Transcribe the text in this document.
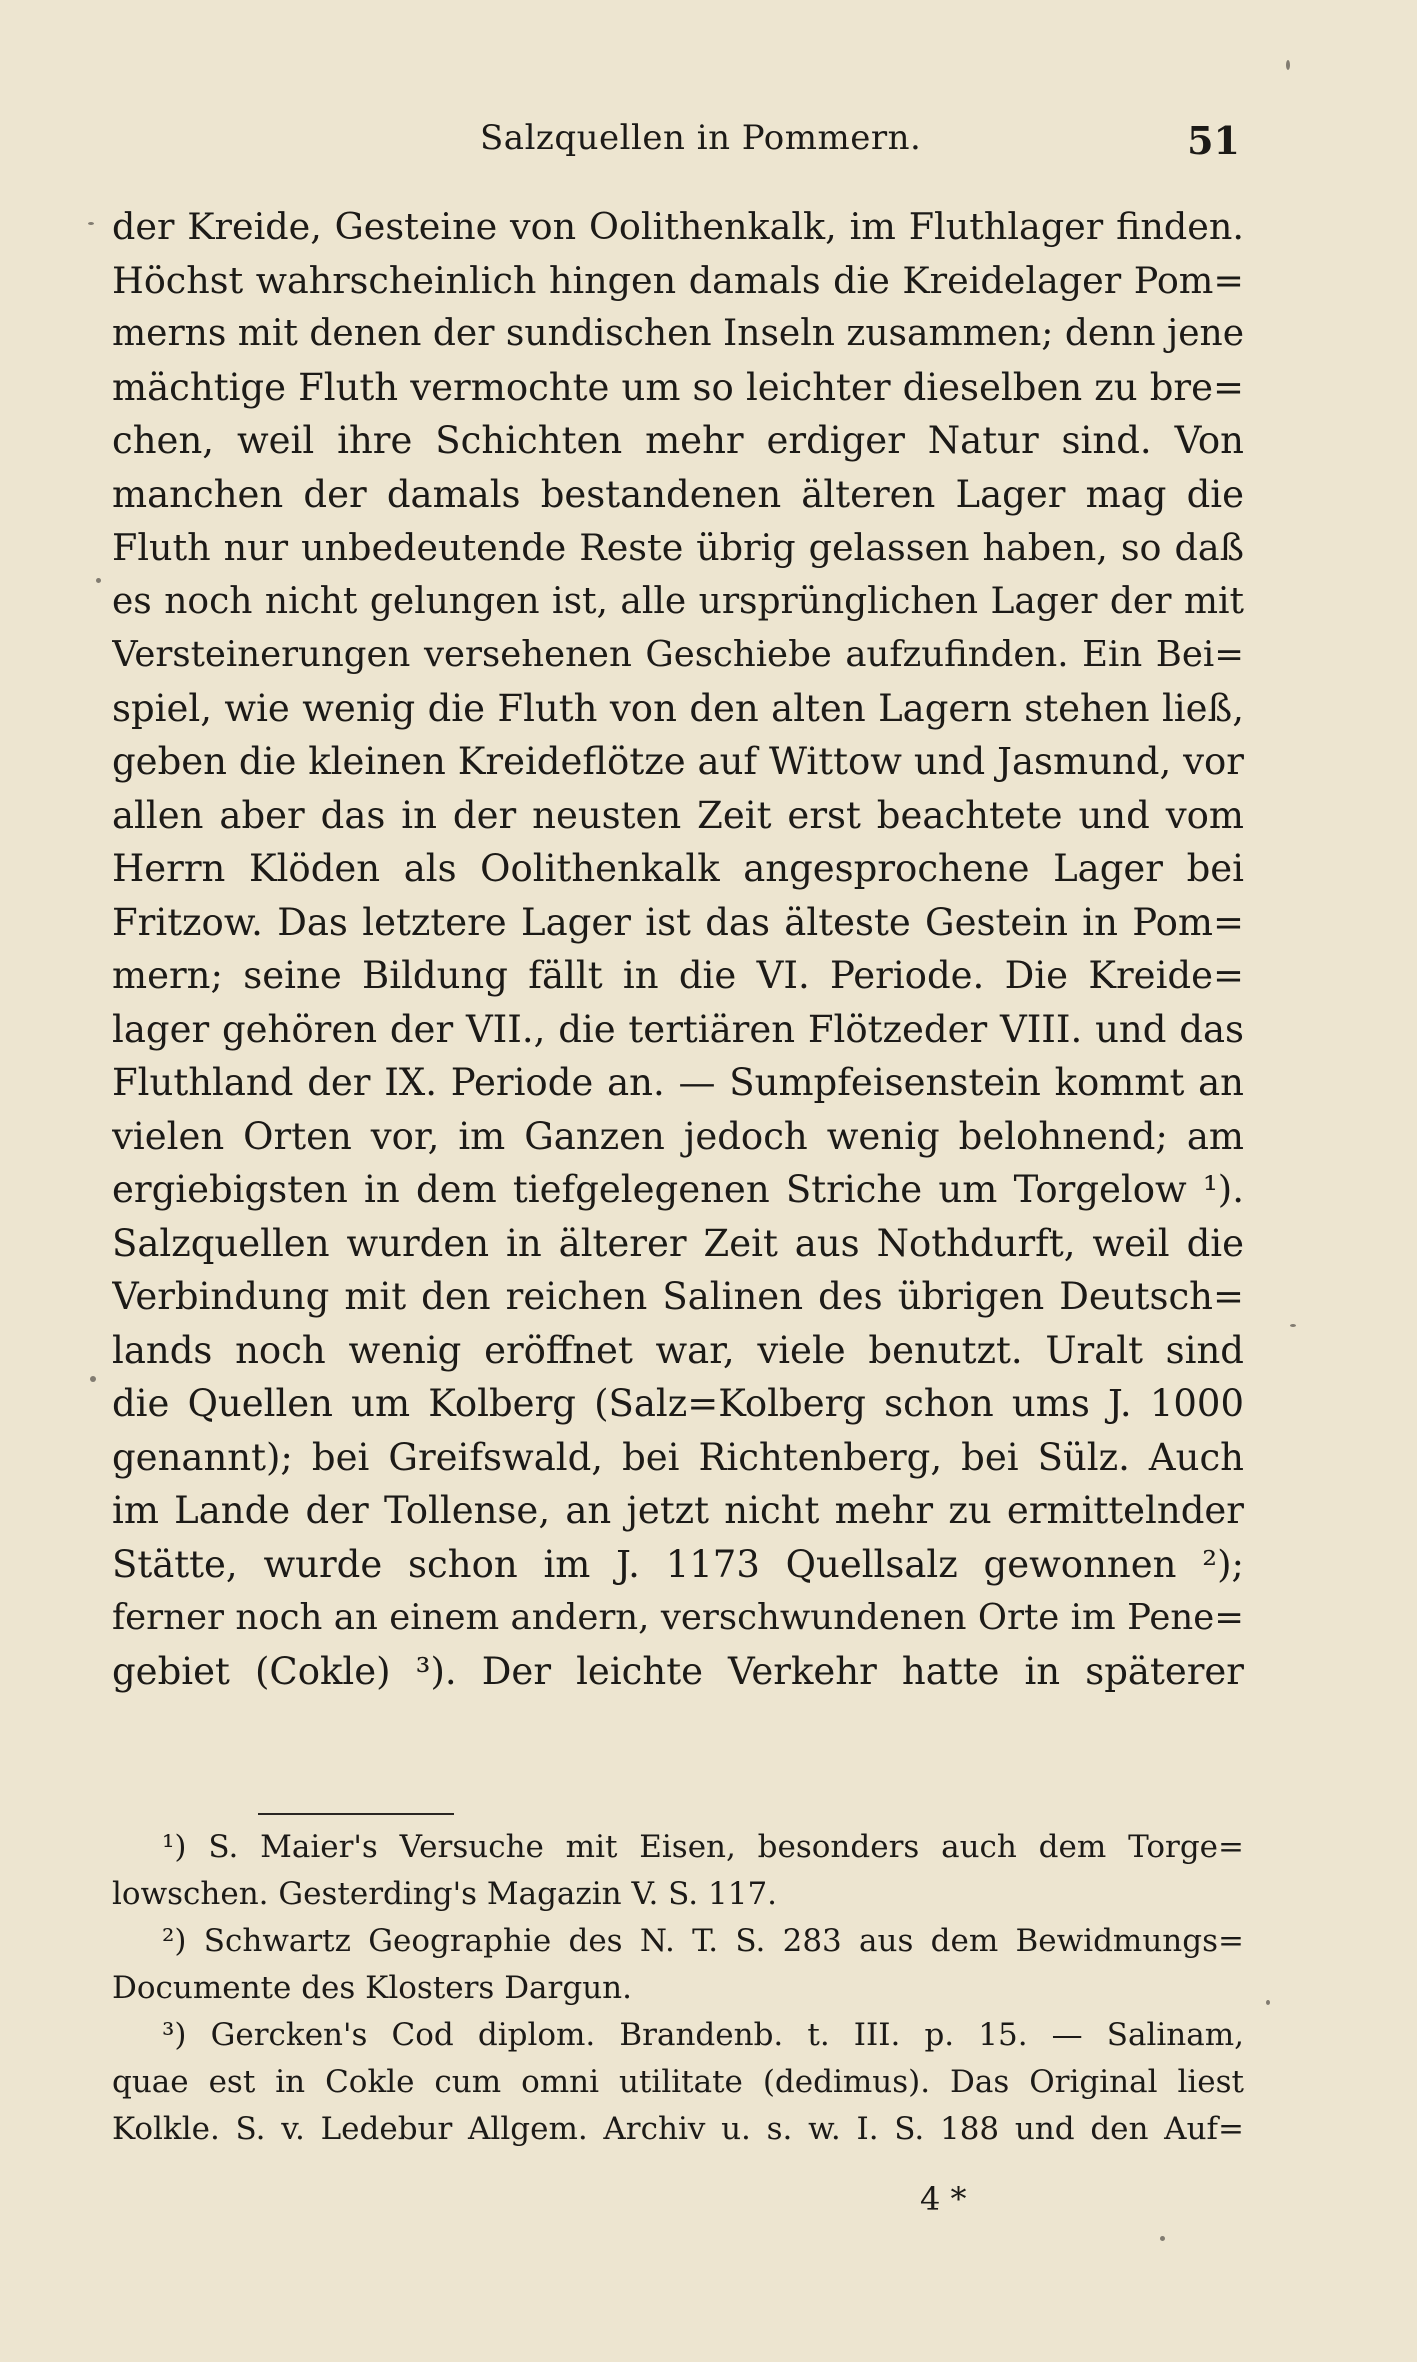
Salzquellen in Pommern.	51
der Kreide, Gesteine von Oolithenkalk, im Fluthlager finden.
Höchst wahrscheinlich hingen damals die Kreidelager Pom=
merns mit denen der sundischen Inseln zusammen; denn jene
mächtige Fluth vermochte um so leichter dieselben zu bre=
chen, weil ihre Schichten mehr erdiger Natur sind. Von
manchen der damals bestandenen älteren Lager mag die
Fluth nur unbedeutende Reste übrig gelassen haben, so daß
es noch nicht gelungen ist, alle ursprünglichen Lager der mit
Versteinerungen versehenen Geschiebe aufzufinden. Ein Bei=
spiel, wie wenig die Fluth von den alten Lagern stehen ließ,
geben die kleinen Kreideflötze auf Wittow und Jasmund, vor
allen aber das in der neusten Zeit erst beachtete und vom
Herrn Klöden als Oolithenkalk angesprochene Lager bei
Fritzow. Das letztere Lager ist das älteste Gestein in Pom=
mern; seine Bildung fällt in die VI. Periode. Die Kreide=
lager gehören der VII., die tertiären Flötzeder VIII. und das
Fluthland der IX. Periode an. — Sumpfeisenstein kommt an
vielen Orten vor, im Ganzen jedoch wenig belohnend; am
ergiebigsten in dem tiefgelegenen Striche um Torgelow ¹).
Salzquellen wurden in älterer Zeit aus Nothdurft, weil die
Verbindung mit den reichen Salinen des übrigen Deutsch=
lands noch wenig eröffnet war, viele benutzt. Uralt sind
die Quellen um Kolberg (Salz=Kolberg schon ums J. 1000
genannt); bei Greifswald, bei Richtenberg, bei Sülz. Auch
im Lande der Tollense, an jetzt nicht mehr zu ermittelnder
Stätte, wurde schon im J. 1173 Quellsalz gewonnen ²);
ferner noch an einem andern, verschwundenen Orte im Pene=
gebiet (Cokle) ³). Der leichte Verkehr hatte in späterer
¹) S. Maier's Versuche mit Eisen, besonders auch dem Torge=
lowschen. Gesterding's Magazin V. S. 117.
²) Schwartz Geographie des N. T. S. 283 aus dem Bewidmungs=
Documente des Klosters Dargun.
³) Gercken's Cod diplom. Brandenb. t. III. p. 15. — Salinam,
quae est in Cokle cum omni utilitate (dedimus). Das Original liest
Kolkle. S. v. Ledebur Allgem. Archiv u. s. w. I. S. 188 und den Auf=
4 *
